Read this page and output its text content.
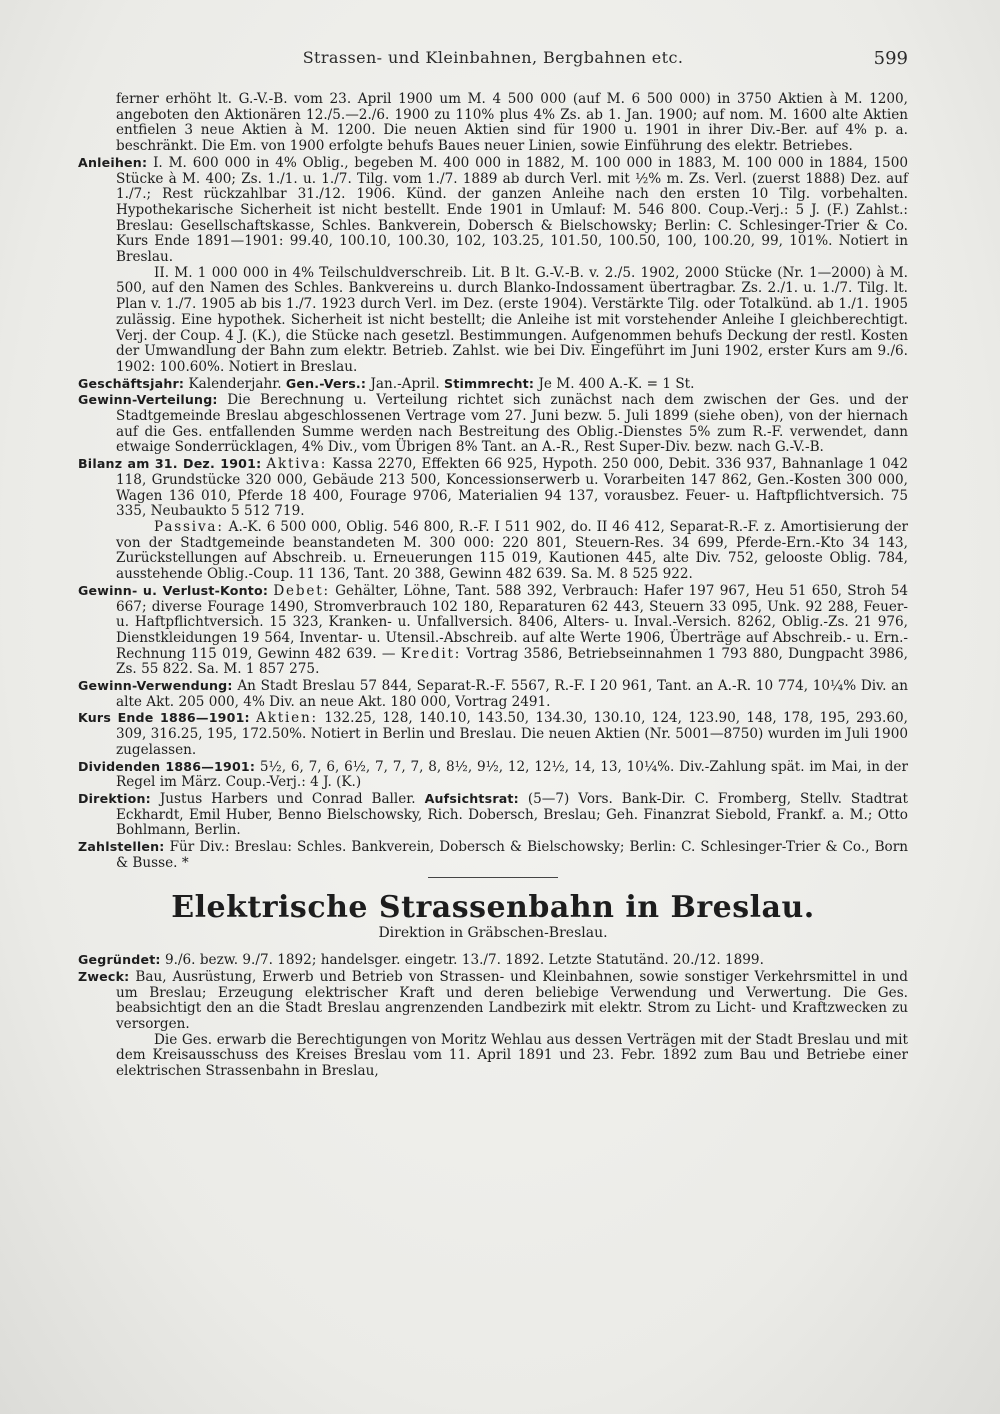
Strassen- und Kleinbahnen, Bergbahnen etc.	599

ferner erhöht lt. G.-V.-B. vom 23. April 1900 um M. 4 500 000 (auf M. 6 500 000) in 3750 Aktien à M. 1200, angeboten den Aktionären 12./5.—2./6. 1900 zu 110% plus 4% Zs. ab 1. Jan. 1900; auf nom. M. 1600 alte Aktien entfielen 3 neue Aktien à M. 1200. Die neuen Aktien sind für 1900 u. 1901 in ihrer Div.-Ber. auf 4% p. a. beschränkt. Die Em. von 1900 erfolgte behufs Baues neuer Linien, sowie Einführung des elektr. Betriebes.

Anleihen: I. M. 600 000 in 4% Oblig., begeben M. 400 000 in 1882, M. 100 000 in 1883, M. 100 000 in 1884, 1500 Stücke à M. 400; Zs. 1./1. u. 1./7. Tilg. vom 1./7. 1889 ab durch Verl. mit ½% m. Zs. Verl. (zuerst 1888) Dez. auf 1./7.; Rest rückzahlbar 31./12. 1906. Künd. der ganzen Anleihe nach den ersten 10 Tilg. vorbehalten. Hypothekarische Sicherheit ist nicht bestellt. Ende 1901 in Umlauf: M. 546 800. Coup.-Verj.: 5 J. (F.) Zahlst.: Breslau: Gesellschaftskasse, Schles. Bankverein, Dobersch & Bielschowsky; Berlin: C. Schlesinger-Trier & Co. Kurs Ende 1891—1901: 99.40, 100.10, 100.30, 102, 103.25, 101.50, 100.50, 100, 100.20, 99, 101%. Notiert in Breslau.

II. M. 1 000 000 in 4% Teilschuldverschreib. Lit. B lt. G.-V.-B. v. 2./5. 1902, 2000 Stücke (Nr. 1—2000) à M. 500, auf den Namen des Schles. Bankvereins u. durch Blanko-Indossament übertragbar. Zs. 2./1. u. 1./7. Tilg. lt. Plan v. 1./7. 1905 ab bis 1./7. 1923 durch Verl. im Dez. (erste 1904). Verstärkte Tilg. oder Totalkünd. ab 1./1. 1905 zulässig. Eine hypothek. Sicherheit ist nicht bestellt; die Anleihe ist mit vorstehender Anleihe I gleichberechtigt. Verj. der Coup. 4 J. (K.), die Stücke nach gesetzl. Bestimmungen. Aufgenommen behufs Deckung der restl. Kosten der Umwandlung der Bahn zum elektr. Betrieb. Zahlst. wie bei Div. Eingeführt im Juni 1902, erster Kurs am 9./6. 1902: 100.60%. Notiert in Breslau.

Geschäftsjahr: Kalenderjahr. Gen.-Vers.: Jan.-April. Stimmrecht: Je M. 400 A.-K. = 1 St.

Gewinn-Verteilung: Die Berechnung u. Verteilung richtet sich zunächst nach dem zwischen der Ges. und der Stadtgemeinde Breslau abgeschlossenen Vertrage vom 27. Juni bezw. 5. Juli 1899 (siehe oben), von der hiernach auf die Ges. entfallenden Summe werden nach Bestreitung des Oblig.-Dienstes 5% zum R.-F. verwendet, dann etwaige Sonderrücklagen, 4% Div., vom Übrigen 8% Tant. an A.-R., Rest Super-Div. bezw. nach G.-V.-B.

Bilanz am 31. Dez. 1901: Aktiva: Kassa 2270, Effekten 66 925, Hypoth. 250 000, Debit. 336 937, Bahnanlage 1 042 118, Grundstücke 320 000, Gebäude 213 500, Koncessionserwerb u. Vorarbeiten 147 862, Gen.-Kosten 300 000, Wagen 136 010, Pferde 18 400, Fourage 9706, Materialien 94 137, vorausbez. Feuer- u. Haftpflichtversich. 75 335, Neubaukto 5 512 719.

Passiva: A.-K. 6 500 000, Oblig. 546 800, R.-F. I 511 902, do. II 46 412, Separat-R.-F. z. Amortisierung der von der Stadtgemeinde beanstandeten M. 300 000: 220 801, Steuern-Res. 34 699, Pferde-Ern.-Kto 34 143, Zurückstellungen auf Abschreib. u. Erneuerungen 115 019, Kautionen 445, alte Div. 752, gelooste Oblig. 784, ausstehende Oblig.-Coup. 11 136, Tant. 20 388, Gewinn 482 639. Sa. M. 8 525 922.

Gewinn- u. Verlust-Konto: Debet: Gehälter, Löhne, Tant. 588 392, Verbrauch: Hafer 197 967, Heu 51 650, Stroh 54 667; diverse Fourage 1490, Stromverbrauch 102 180, Reparaturen 62 443, Steuern 33 095, Unk. 92 288, Feuer- u. Haftpflichtversich. 15 323, Kranken- u. Unfallversich. 8406, Alters- u. Inval.-Versich. 8262, Oblig.-Zs. 21 976, Dienstkleidungen 19 564, Inventar- u. Utensil.-Abschreib. auf alte Werte 1906, Überträge auf Abschreib.- u. Ern.-Rechnung 115 019, Gewinn 482 639. — Kredit: Vortrag 3586, Betriebseinnahmen 1 793 880, Dungpacht 3986, Zs. 55 822. Sa. M. 1 857 275.

Gewinn-Verwendung: An Stadt Breslau 57 844, Separat-R.-F. 5567, R.-F. I 20 961, Tant. an A.-R. 10 774, 10¼% Div. an alte Akt. 205 000, 4% Div. an neue Akt. 180 000, Vortrag 2491.

Kurs Ende 1886—1901: Aktien: 132.25, 128, 140.10, 143.50, 134.30, 130.10, 124, 123.90, 148, 178, 195, 293.60, 309, 316.25, 195, 172.50%. Notiert in Berlin und Breslau. Die neuen Aktien (Nr. 5001—8750) wurden im Juli 1900 zugelassen.

Dividenden 1886—1901: 5½, 6, 7, 6, 6½, 7, 7, 7, 8, 8½, 9½, 12, 12½, 14, 13, 10¼%. Div.-Zahlung spät. im Mai, in der Regel im März. Coup.-Verj.: 4 J. (K.)

Direktion: Justus Harbers und Conrad Baller. Aufsichtsrat: (5—7) Vors. Bank-Dir. C. Fromberg, Stellv. Stadtrat Eckhardt, Emil Huber, Benno Bielschowsky, Rich. Dobersch, Breslau; Geh. Finanzrat Siebold, Frankf. a. M.; Otto Bohlmann, Berlin.

Zahlstellen: Für Div.: Breslau: Schles. Bankverein, Dobersch & Bielschowsky; Berlin: C. Schlesinger-Trier & Co., Born & Busse. *

Elektrische Strassenbahn in Breslau.

Direktion in Gräbschen-Breslau.

Gegründet: 9./6. bezw. 9./7. 1892; handelsger. eingetr. 13./7. 1892. Letzte Statutänd. 20./12. 1899.

Zweck: Bau, Ausrüstung, Erwerb und Betrieb von Strassen- und Kleinbahnen, sowie sonstiger Verkehrsmittel in und um Breslau; Erzeugung elektrischer Kraft und deren beliebige Verwendung und Verwertung. Die Ges. beabsichtigt den an die Stadt Breslau angrenzenden Landbezirk mit elektr. Strom zu Licht- und Kraftzwecken zu versorgen.

Die Ges. erwarb die Berechtigungen von Moritz Wehlau aus dessen Verträgen mit der Stadt Breslau und mit dem Kreisausschuss des Kreises Breslau vom 11. April 1891 und 23. Febr. 1892 zum Bau und Betriebe einer elektrischen Strassenbahn in Breslau,
